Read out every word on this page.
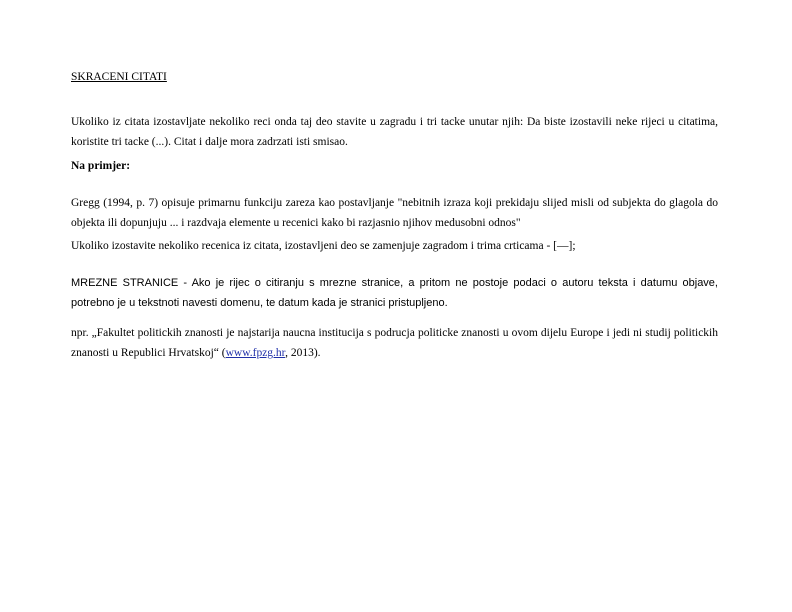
SKRACENI CITATI

Ukoliko iz citata izostavljate nekoliko reci onda taj deo stavite u zagradu i tri tacke unutar njih: Da biste izostavili neke rijeci u citatima, koristite tri tacke (...). Citat i dalje mora zadrzati isti smisao.

Na primjer:

Gregg (1994, p. 7) opisuje primarnu funkciju zareza kao postavljanje "nebitnih izraza koji prekidaju slijed misli od subjekta do glagola do objekta ili dopunjuju ... i razdvaja elemente u recenici kako bi razjasnio njihov medusobni odnos"

Ukoliko izostavite nekoliko recenica iz citata, izostavljeni deo se zamenjuje zagradom i trima crticama - [—];

MREZNE STRANICE - Ako je rijec o citiranju s mrezne stranice, a pritom ne postoje podaci o autoru teksta i datumu objave, potrebno je u tekstnoti navesti domenu, te datum kada je stranici pristupljeno.

npr. „Fakultet politickih znanosti je najstarija naucna institucija s podrucja politicke znanosti u ovom dijelu Europe i jedi ni studij politickih znanosti u Republici Hrvatskoj“ (www.fpzg.hr, 2013).
